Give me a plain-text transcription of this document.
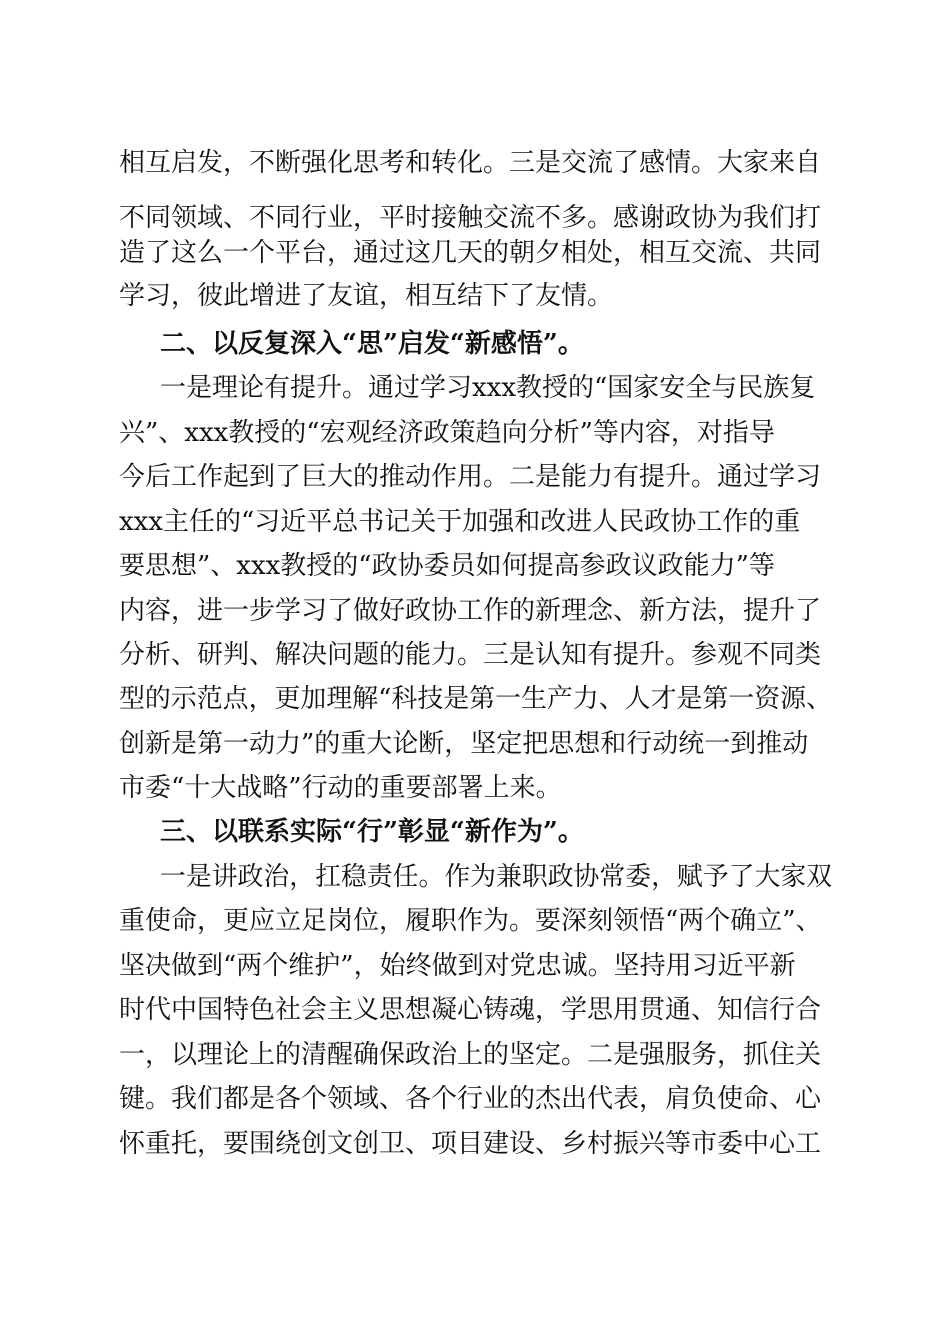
相互启发，不断强化思考和转化。三是交流了感情。大家来自
不同领域、不同行业，平时接触交流不多。感谢政协为我们打
造了这么一个平台，通过这几天的朝夕相处，相互交流、共同
学习，彼此增进了友谊，相互结下了友情。
二、以反复深入“思”启发“新感悟”。
一是理论有提升。通过学习xxx教授的“国家安全与民族复
兴”、xxx教授的“宏观经济政策趋向分析”等内容，对指导
今后工作起到了巨大的推动作用。二是能力有提升。通过学习
xxx主任的“习近平总书记关于加强和改进人民政协工作的重
要思想”、xxx教授的“政协委员如何提高参政议政能力”等
内容，进一步学习了做好政协工作的新理念、新方法，提升了
分析、研判、解决问题的能力。三是认知有提升。参观不同类
型的示范点，更加理解“科技是第一生产力、人才是第一资源、
创新是第一动力”的重大论断，坚定把思想和行动统一到推动
市委“十大战略”行动的重要部署上来。
三、以联系实际“行”彰显“新作为”。
一是讲政治，扛稳责任。作为兼职政协常委，赋予了大家双
重使命，更应立足岗位，履职作为。要深刻领悟“两个确立”、
坚决做到“两个维护”，始终做到对党忠诚。坚持用习近平新
时代中国特色社会主义思想凝心铸魂，学思用贯通、知信行合
一，以理论上的清醒确保政治上的坚定。二是强服务，抓住关
键。我们都是各个领域、各个行业的杰出代表，肩负使命、心
怀重托，要围绕创文创卫、项目建设、乡村振兴等市委中心工
